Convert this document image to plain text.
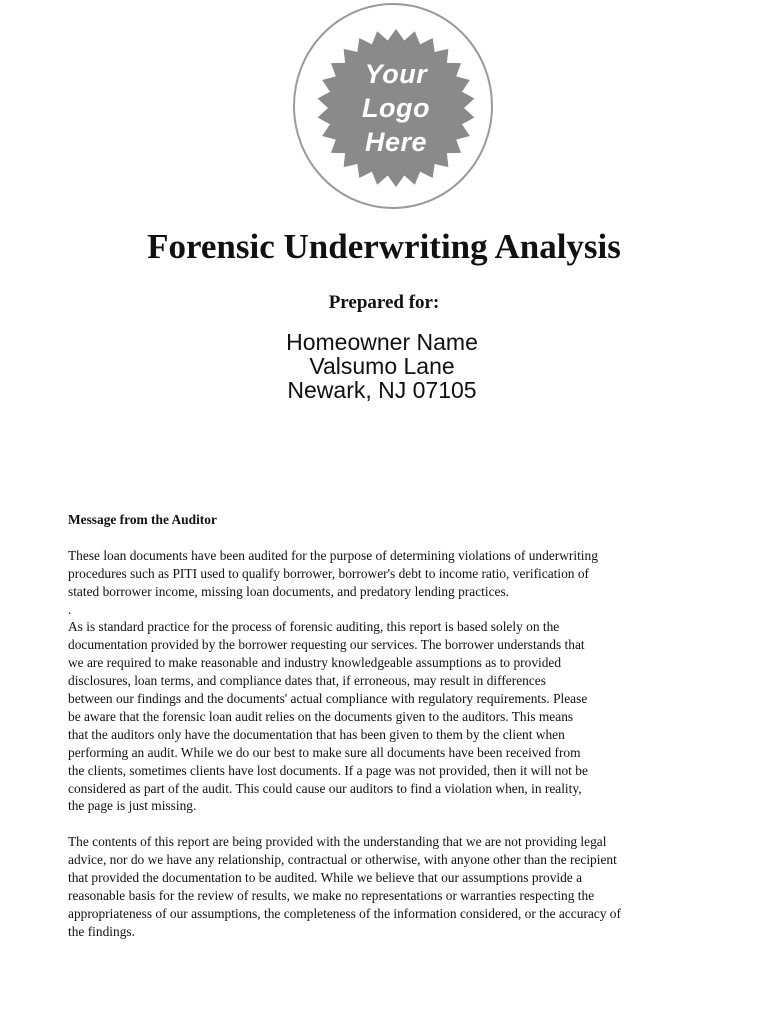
Your
Logo
Here
Forensic Underwriting Analysis
Prepared for:
Homeowner Name
Valsumo Lane
Newark, NJ 07105
Message from the Auditor
These loan documents have been audited for the purpose of determining violations of underwriting
procedures such as PITI used to qualify borrower, borrower's debt to income ratio, verification of
stated borrower income, missing loan documents, and predatory lending practices.
.
As is standard practice for the process of forensic auditing, this report is based solely on the
documentation provided by the borrower requesting our services. The borrower understands that
we are required to make reasonable and industry knowledgeable assumptions as to provided
disclosures, loan terms, and compliance dates that, if erroneous, may result in differences
between our findings and the documents' actual compliance with regulatory requirements. Please
be aware that the forensic loan audit relies on the documents given to the auditors. This means
that the auditors only have the documentation that has been given to them by the client when
performing an audit. While we do our best to make sure all documents have been received from
the clients, sometimes clients have lost documents. If a page was not provided, then it will not be
considered as part of the audit. This could cause our auditors to find a violation when, in reality,
the page is just missing.
The contents of this report are being provided with the understanding that we are not providing legal
advice, nor do we have any relationship, contractual or otherwise, with anyone other than the recipient
that provided the documentation to be audited. While we believe that our assumptions provide a
reasonable basis for the review of results, we make no representations or warranties respecting the
appropriateness of our assumptions, the completeness of the information considered, or the accuracy of
the findings.
